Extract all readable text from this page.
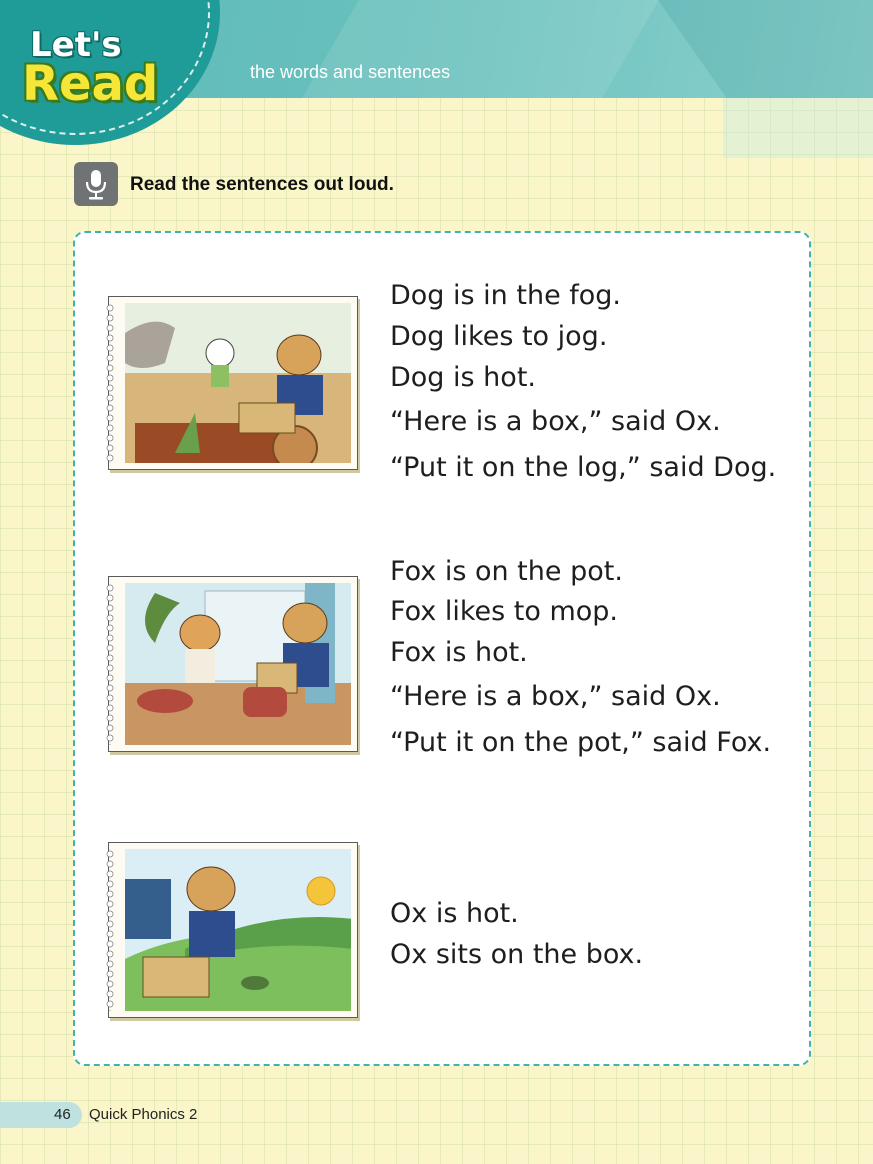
the words and sentences
Let's
Read
Read the sentences out loud.
Dog is in the fog.
Dog likes to jog.
Dog is hot.
“Here is a box,” said Ox.
“Put it on the log,” said Dog.
Fox is on the pot.
Fox likes to mop.
Fox is hot.
“Here is a box,” said Ox.
“Put it on the pot,” said Fox.
Ox is hot.
Ox sits on the box.
46 Quick Phonics 2
